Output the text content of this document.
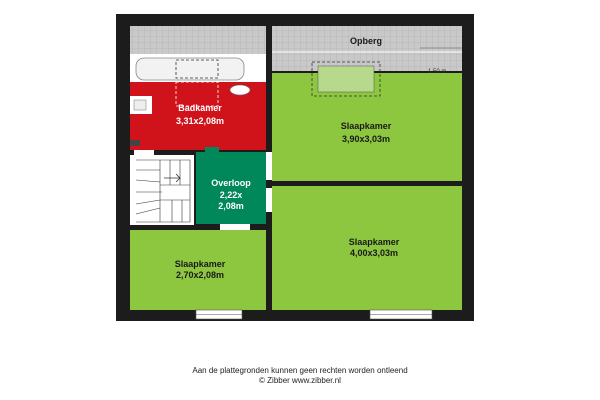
Opberg
1.50 m
Badkamer
3,31x2,08m	Slaapkamer
3,90x3,03m
Overloop
2,22x
2,08m
Slaapkamer
2,70x2,08m
Slaapkamer
4,00x3,03m
Aan de plattegronden kunnen geen rechten worden ontleend
© Zibber www.zibber.nl
